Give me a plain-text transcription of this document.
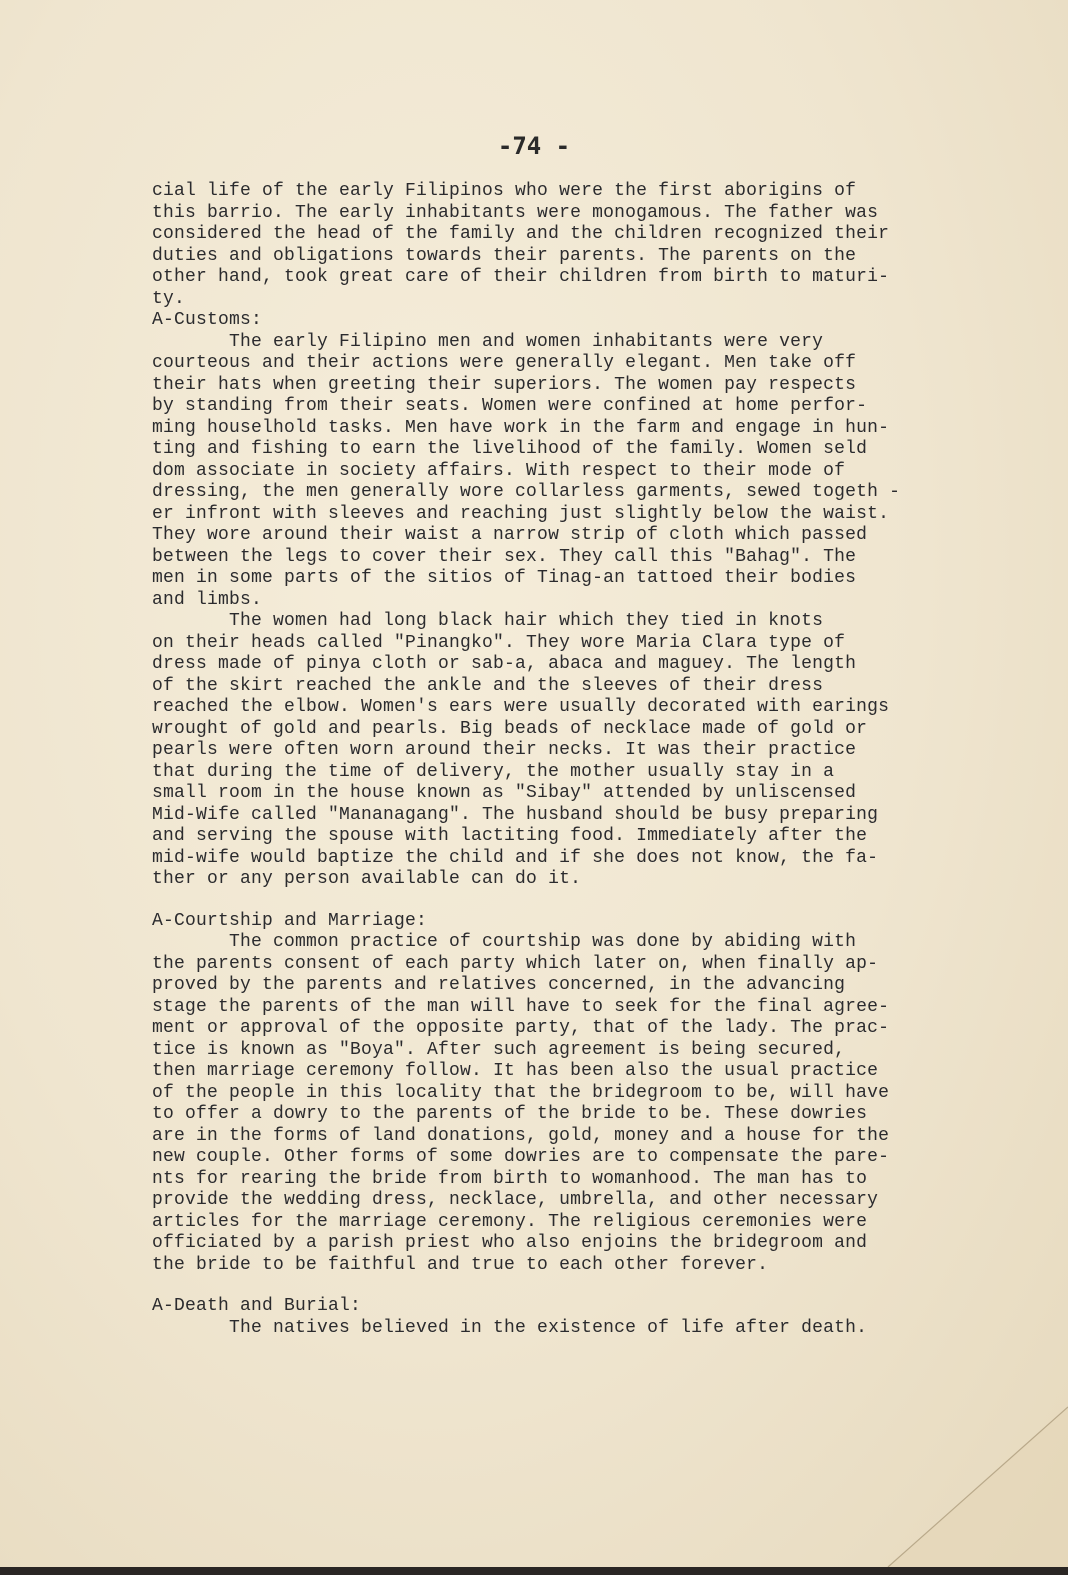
-74 -
cial life of the early Filipinos who were the first aborigins of
this barrio. The early inhabitants were monogamous. The father was
considered the head of the family and the children recognized their
duties and obligations towards their parents. The parents on the
other hand, took great care of their children from birth to maturi-
ty.
A-Customs:
The early Filipino men and women inhabitants were very
courteous and their actions were generally elegant. Men take off
their hats when greeting their superiors. The women pay respects
by standing from their seats. Women were confined at home perfor-
ming houselhold tasks. Men have work in the farm and engage in hun-
ting and fishing to earn the livelihood of the family. Women seld
dom associate in society affairs. With respect to their mode of
dressing, the men generally wore collarless garments, sewed togeth -
er infront with sleeves and reaching just slightly below the waist.
They wore around their waist a narrow strip of cloth which passed
between the legs to cover their sex. They call this "Bahag". The
men in some parts of the sitios of Tinag-an tattoed their bodies
and limbs.
The women had long black hair which they tied in knots
on their heads called "Pinangko". They wore Maria Clara type of
dress made of pinya cloth or sab-a, abaca and maguey. The length
of the skirt reached the ankle and the sleeves of their dress
reached the elbow. Women's ears were usually decorated with earings
wrought of gold and pearls. Big beads of necklace made of gold or
pearls were often worn around their necks. It was their practice
that during the time of delivery, the mother usually stay in a
small room in the house known as "Sibay" attended by unliscensed
Mid-Wife called "Mananagang". The husband should be busy preparing
and serving the spouse with lactiting food. Immediately after the
mid-wife would baptize the child and if she does not know, the fa-
ther or any person available can do it.
A-Courtship and Marriage:
The common practice of courtship was done by abiding with
the parents consent of each party which later on, when finally ap-
proved by the parents and relatives concerned, in the advancing
stage the parents of the man will have to seek for the final agree-
ment or approval of the opposite party, that of the lady. The prac-
tice is known as "Boya". After such agreement is being secured,
then marriage ceremony follow. It has been also the usual practice
of the people in this locality that the bridegroom to be, will have
to offer a dowry to the parents of the bride to be. These dowries
are in the forms of land donations, gold, money and a house for the
new couple. Other forms of some dowries are to compensate the pare-
nts for rearing the bride from birth to womanhood. The man has to
provide the wedding dress, necklace, umbrella, and other necessary
articles for the marriage ceremony. The religious ceremonies were
officiated by a parish priest who also enjoins the bridegroom and
the bride to be faithful and true to each other forever.
A-Death and Burial:
The natives believed in the existence of life after death.
